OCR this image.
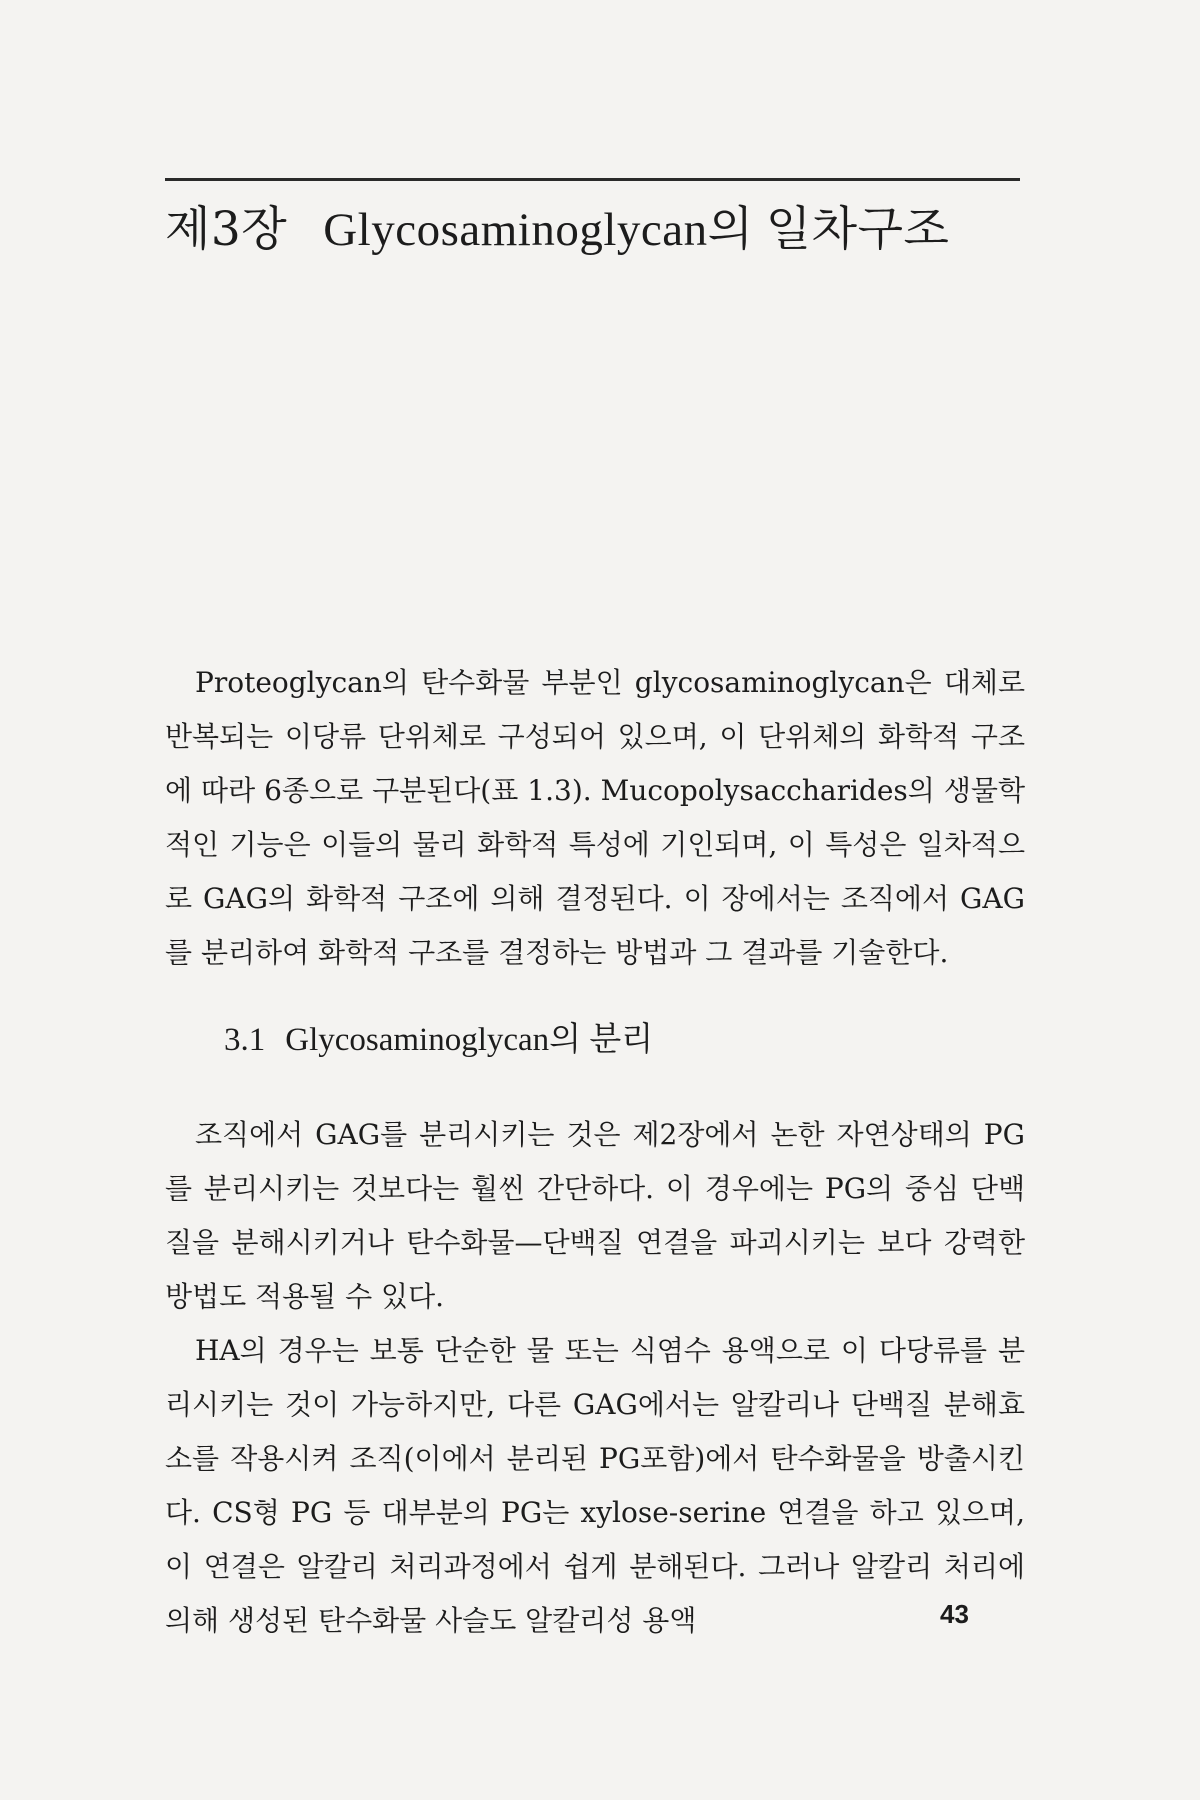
제3장 Glycosaminoglycan의 일차구조

Proteoglycan의 탄수화물 부분인 glycosaminoglycan은 대체로 반복되는 이당류 단위체로 구성되어 있으며, 이 단위체의 화학적 구조에 따라 6종으로 구분된다(표 1.3). Mucopolysaccharides의 생물학적인 기능은 이들의 물리 화학적 특성에 기인되며, 이 특성은 일차적으로 GAG의 화학적 구조에 의해 결정된다. 이 장에서는 조직에서 GAG를 분리하여 화학적 구조를 결정하는 방법과 그 결과를 기술한다.

3.1 Glycosaminoglycan의 분리

조직에서 GAG를 분리시키는 것은 제2장에서 논한 자연상태의 PG를 분리시키는 것보다는 훨씬 간단하다. 이 경우에는 PG의 중심 단백질을 분해시키거나 탄수화물—단백질 연결을 파괴시키는 보다 강력한 방법도 적용될 수 있다.

HA의 경우는 보통 단순한 물 또는 식염수 용액으로 이 다당류를 분리시키는 것이 가능하지만, 다른 GAG에서는 알칼리나 단백질 분해효소를 작용시켜 조직(이에서 분리된 PG포함)에서 탄수화물을 방출시킨다. CS형 PG 등 대부분의 PG는 xylose-serine 연결을 하고 있으며, 이 연결은 알칼리 처리과정에서 쉽게 분해된다. 그러나 알칼리 처리에 의해 생성된 탄수화물 사슬도 알칼리성 용액	43
